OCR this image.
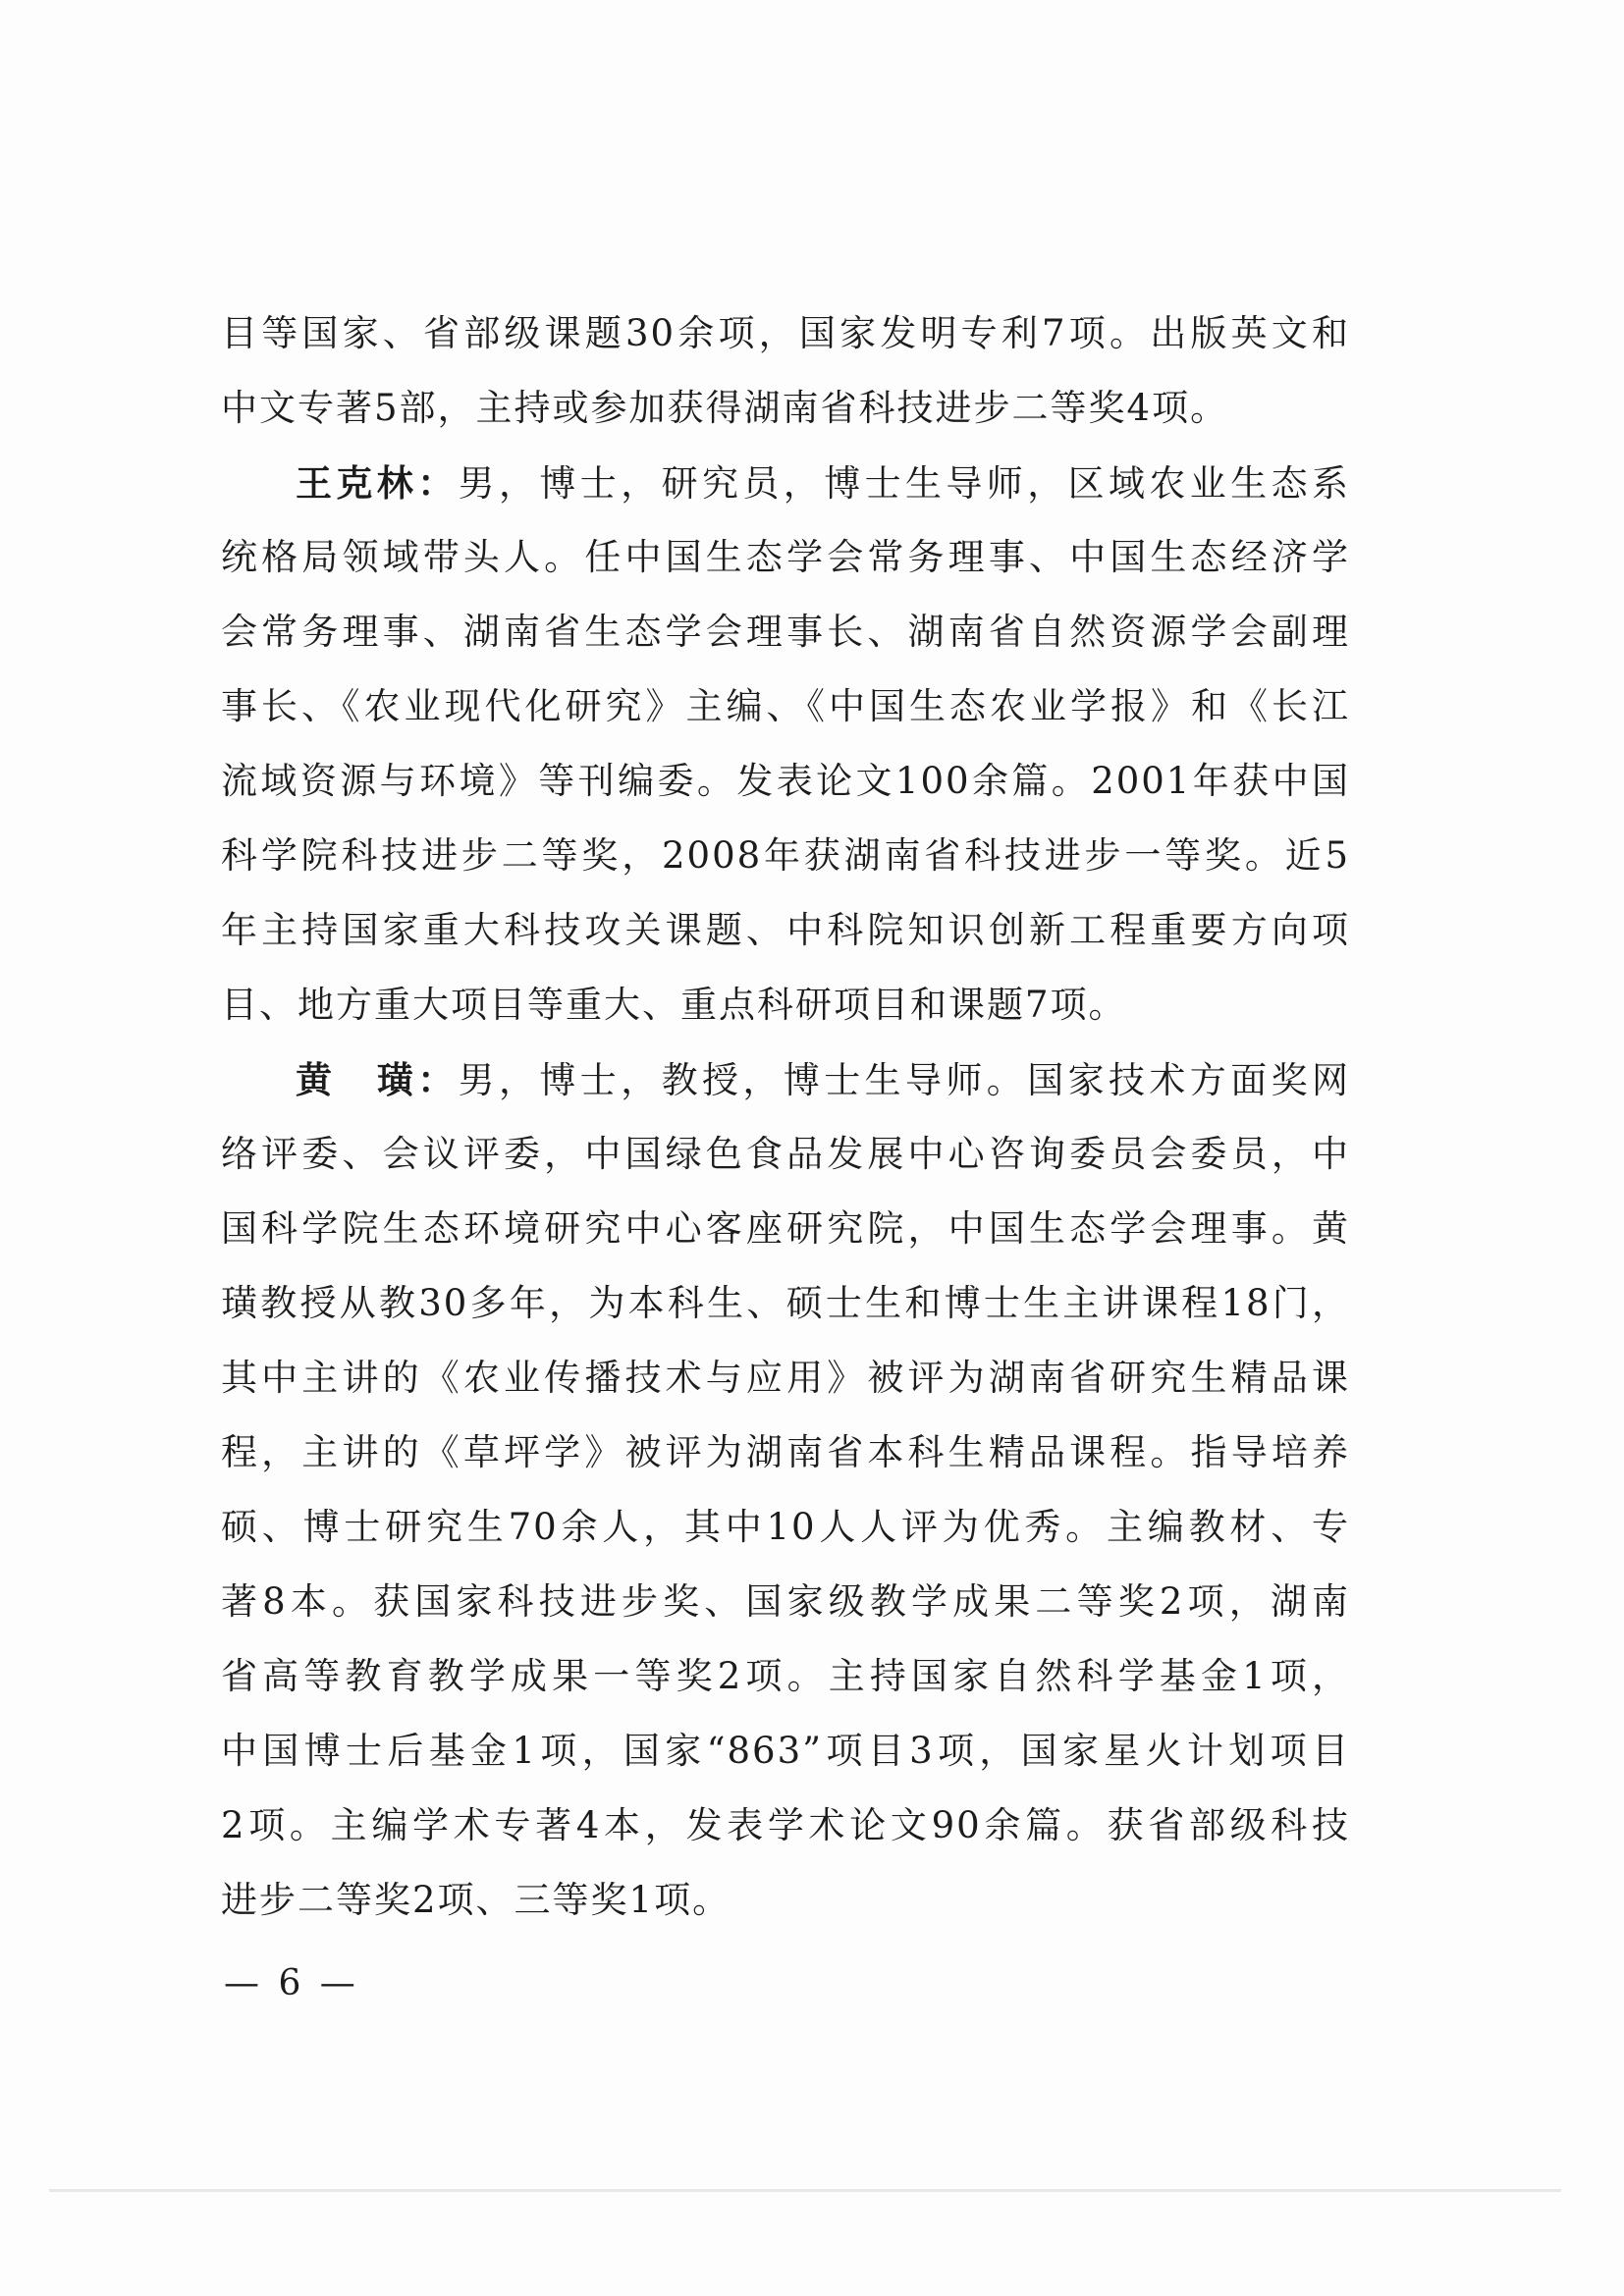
目等国家、省部级课题30余项，国家发明专利7项。出版英文和
中文专著5部，主持或参加获得湖南省科技进步二等奖4项。
王克林：男，博士，研究员，博士生导师，区域农业生态系
统格局领域带头人。任中国生态学会常务理事、中国生态经济学
会常务理事、湖南省生态学会理事长、湖南省自然资源学会副理
事长、《农业现代化研究》主编、《中国生态农业学报》和《长江
流域资源与环境》等刊编委。发表论文100余篇。2001年获中国
科学院科技进步二等奖，2008年获湖南省科技进步一等奖。近5
年主持国家重大科技攻关课题、中科院知识创新工程重要方向项
目、地方重大项目等重大、重点科研项目和课题7项。
黄　璜：男，博士，教授，博士生导师。国家技术方面奖网
络评委、会议评委，中国绿色食品发展中心咨询委员会委员，中
国科学院生态环境研究中心客座研究院，中国生态学会理事。黄
璜教授从教30多年，为本科生、硕士生和博士生主讲课程18门，
其中主讲的《农业传播技术与应用》被评为湖南省研究生精品课
程，主讲的《草坪学》被评为湖南省本科生精品课程。指导培养
硕、博士研究生70余人，其中10人人评为优秀。主编教材、专
著8本。获国家科技进步奖、国家级教学成果二等奖2项，湖南
省高等教育教学成果一等奖2项。主持国家自然科学基金1项，
中国博士后基金1项，国家“863”项目3项，国家星火计划项目
2项。主编学术专著4本，发表学术论文90余篇。获省部级科技
进步二等奖2项、三等奖1项。
— 6 —
